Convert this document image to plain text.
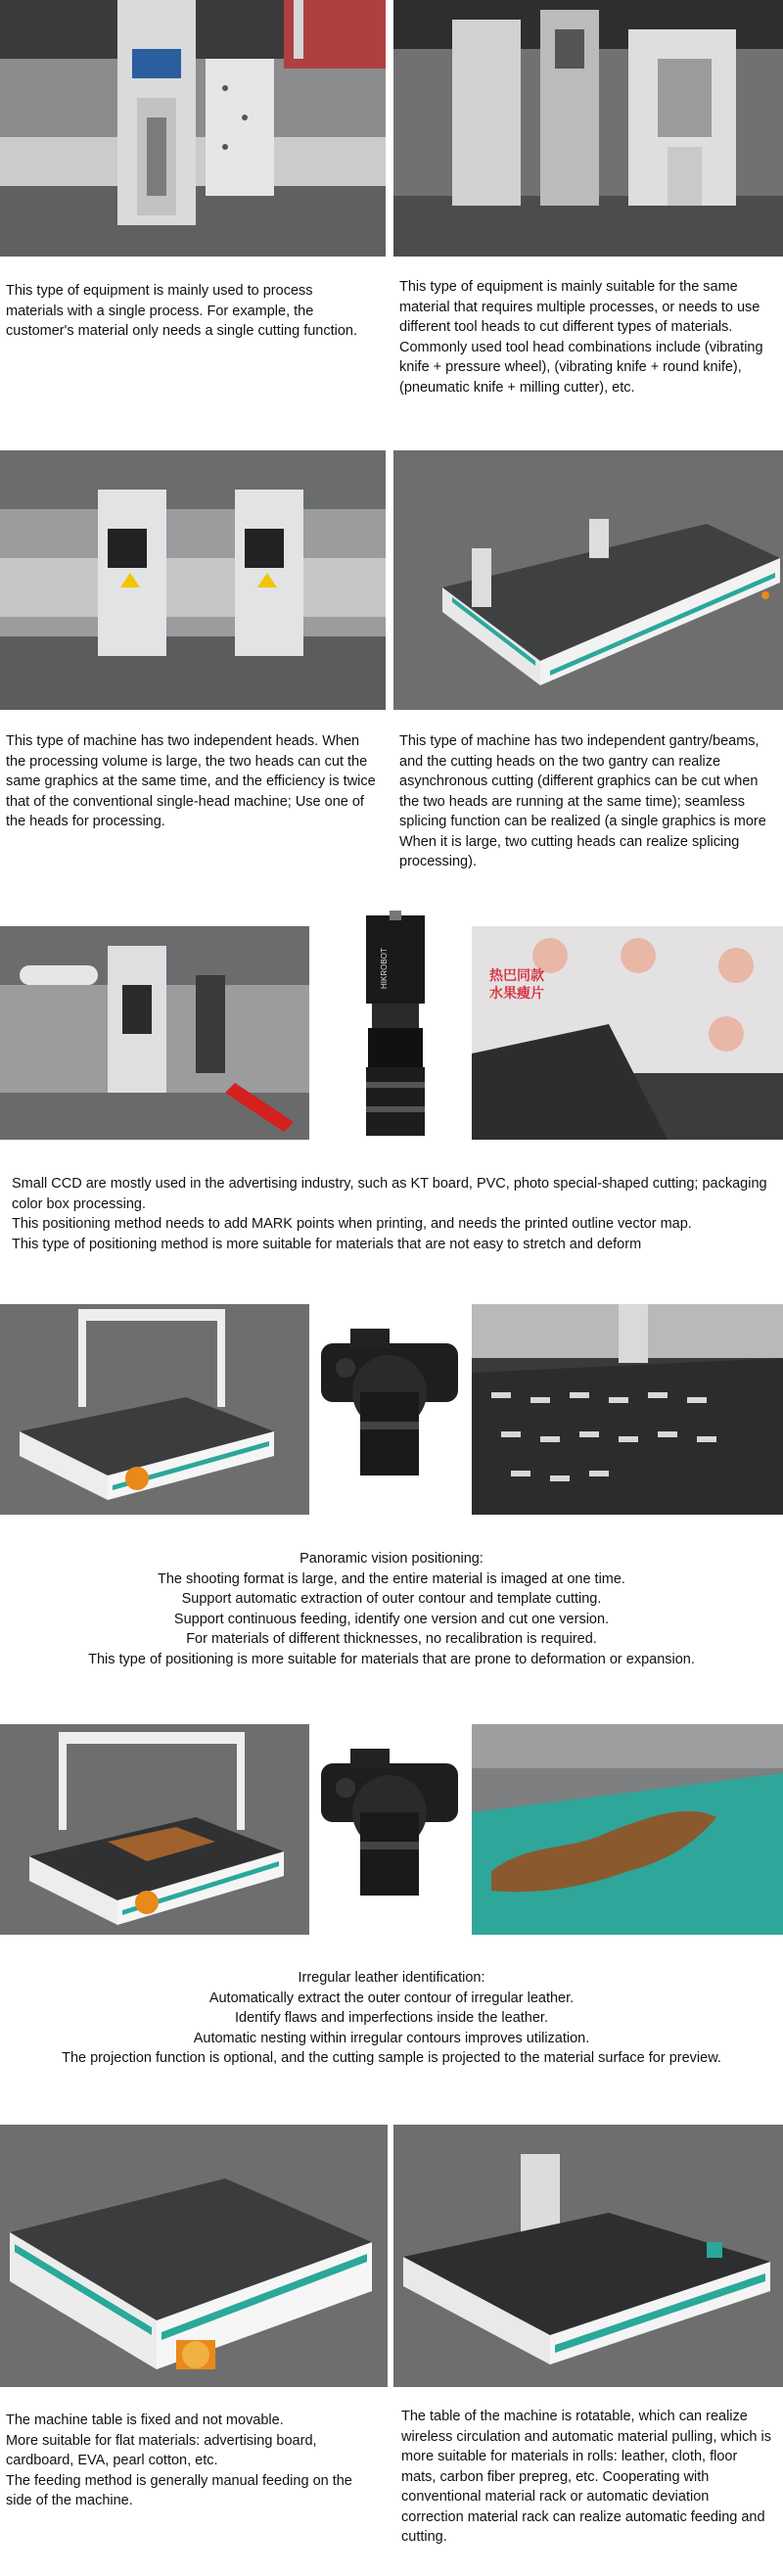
This type of equipment is mainly used to process materials with a single process. For example, the customer's material only needs a single cutting function.
This type of equipment is mainly suitable for the same material that requires multiple processes, or needs to use different tool heads to cut different types of materials. Commonly used tool head combinations include (vibrating knife + pressure wheel), (vibrating knife + round knife), (pneumatic knife + milling cutter), etc.
This type of machine has two independent heads. When the processing volume is large, the two heads can cut the same graphics at the same time, and the efficiency is twice that of the conventional single-head machine; Use one of the heads for processing.
This type of machine has two independent gantry/beams, and the cutting heads on the two gantry can realize asynchronous cutting (different graphics can be cut when the two heads are running at the same time); seamless splicing function can be realized (a single graphics is more When it is large, two cutting heads can realize splicing processing).
HIKROBOT	热巴同款
水果瘦片

Small CCD are mostly used in the advertising industry, such as KT board, PVC, photo special-shaped cutting; packaging color box processing.

This positioning method needs to add MARK points when printing, and needs the printed outline vector map.

This type of positioning method is more suitable for materials that are not easy to stretch and deform

Panoramic vision positioning:

The shooting format is large, and the entire material is imaged at one time.

Support automatic extraction of outer contour and template cutting.

Support continuous feeding, identify one version and cut one version.

For materials of different thicknesses, no recalibration is required.

This type of positioning is more suitable for materials that are prone to deformation or expansion.

Irregular leather identification:

Automatically extract the outer contour of irregular leather.

Identify flaws and imperfections inside the leather.

Automatic nesting within irregular contours improves utilization.

The projection function is optional, and the cutting sample is projected to the material surface for preview.

The machine table is fixed and not movable.

More suitable for flat materials: advertising board, cardboard, EVA, pearl cotton, etc.

The feeding method is generally manual feeding on the side of the machine.

The table of the machine is rotatable, which can realize wireless circulation and automatic material pulling, which is more suitable for materials in rolls: leather, cloth, floor mats, carbon fiber prepreg, etc. Cooperating with conventional material rack or automatic deviation correction material rack can realize automatic feeding and cutting.
